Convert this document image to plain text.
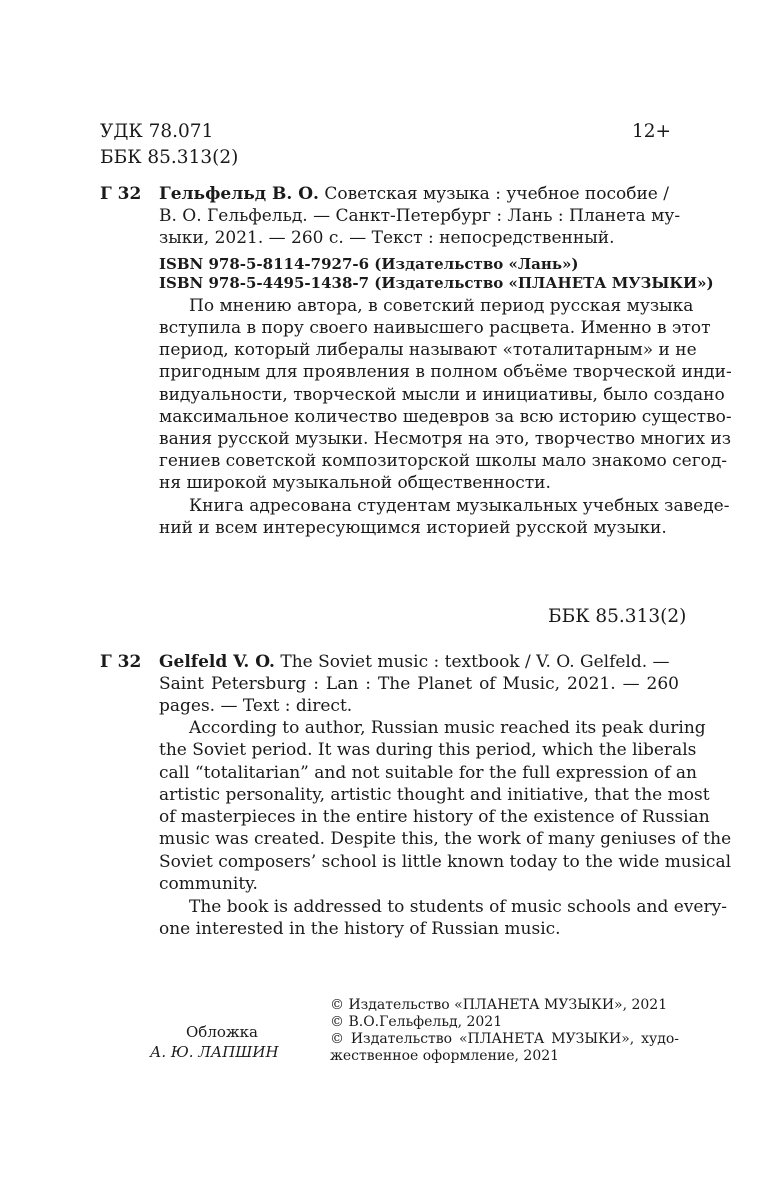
УДК 78.071
ББК 85.313(2)
12+
Г 32 Гельфельд В. О. Советская музыка : учебное пособие /
В. О. Гельфельд. — Санкт-Петербург : Лань : Планета му-
зыки, 2021. — 260 с. — Текст : непосредственный.
ISBN 978-5-8114-7927-6 (Издательство «Лань»)
ISBN 978-5-4495-1438-7 (Издательство «ПЛАНЕТА МУЗЫКИ»)
По мнению автора, в советский период русская музыка
вступила в пору своего наивысшего расцвета. Именно в этот
период, который либералы называют «тоталитарным» и не
пригодным для проявления в полном объёме творческой инди-
видуальности, творческой мысли и инициативы, было создано
максимальное количество шедевров за всю историю существо-
вания русской музыки. Несмотря на это, творчество многих из
гениев советской композиторской школы мало знакомо сегод-
ня широкой музыкальной общественности.
Книга адресована студентам музыкальных учебных заведе-
ний и всем интересующимся историей русской музыки.
ББК 85.313(2)
Г 32 Gelfeld V. O. The Soviet music : textbook / V. O. Gelfeld. —
Saint Petersburg : Lan : The Planet of Music, 2021. — 260
pages. — Text : direct.
According to author, Russian music reached its peak during
the Soviet period. It was during this period, which the liberals
call “totalitarian” and not suitable for the full expression of an
artistic personality, artistic thought and initiative, that the most
of masterpieces in the entire history of the existence of Russian
music was created. Despite this, the work of many geniuses of the
Soviet composers’ school is little known today to the wide musical
community.
The book is addressed to students of music schools and every-
one interested in the history of Russian music.
Обложка
А. Ю. ЛАПШИН
© Издательство «ПЛАНЕТА МУЗЫКИ», 2021
© В.О.Гельфельд, 2021
© Издательство «ПЛАНЕТА МУЗЫКИ», худо-
жественное оформление, 2021
